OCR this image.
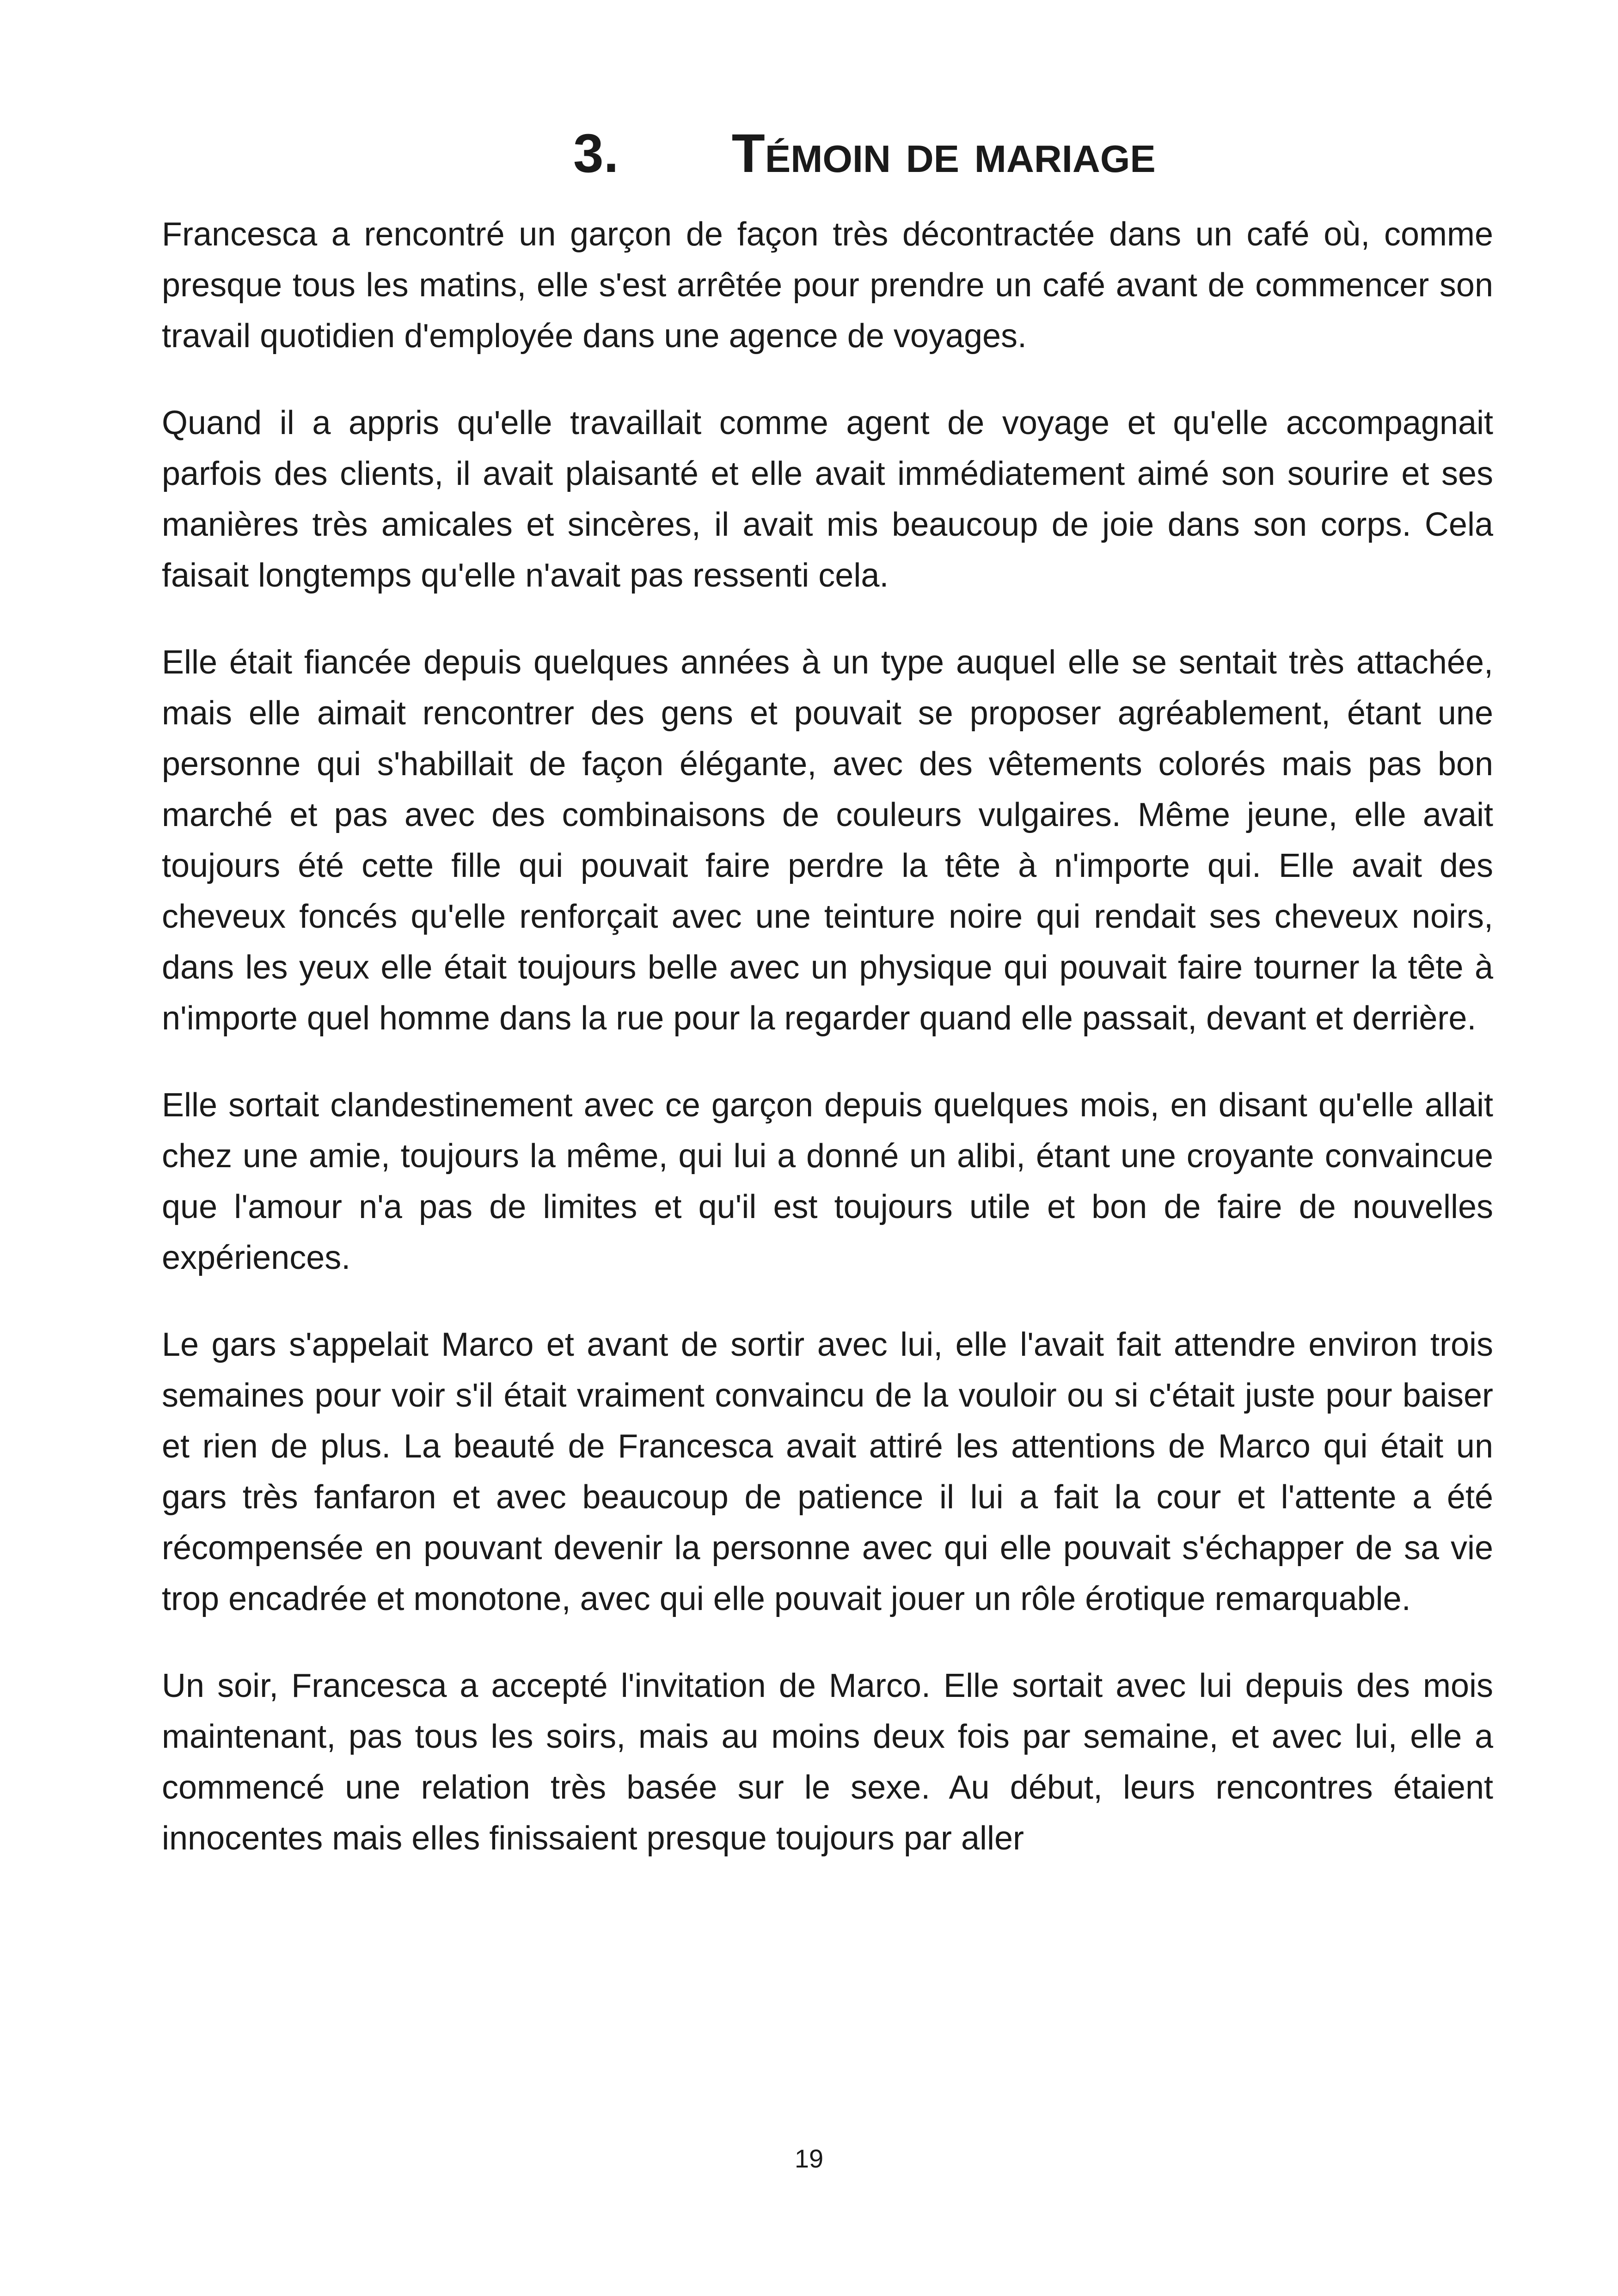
3. Témoin de mariage

Francesca a rencontré un garçon de façon très décontractée dans un café où, comme presque tous les matins, elle s'est arrêtée pour prendre un café avant de commencer son travail quotidien d'employée dans une agence de voyages.

Quand il a appris qu'elle travaillait comme agent de voyage et qu'elle accompagnait parfois des clients, il avait plaisanté et elle avait immédiatement aimé son sourire et ses manières très amicales et sincères, il avait mis beaucoup de joie dans son corps. Cela faisait longtemps qu'elle n'avait pas ressenti cela.

Elle était fiancée depuis quelques années à un type auquel elle se sentait très attachée, mais elle aimait rencontrer des gens et pouvait se proposer agréablement, étant une personne qui s'habillait de façon élégante, avec des vêtements colorés mais pas bon marché et pas avec des combinaisons de couleurs vulgaires. Même jeune, elle avait toujours été cette fille qui pouvait faire perdre la tête à n'importe qui. Elle avait des cheveux foncés qu'elle renforçait avec une teinture noire qui rendait ses cheveux noirs, dans les yeux elle était toujours belle avec un physique qui pouvait faire tourner la tête à n'importe quel homme dans la rue pour la regarder quand elle passait, devant et derrière.

Elle sortait clandestinement avec ce garçon depuis quelques mois, en disant qu'elle allait chez une amie, toujours la même, qui lui a donné un alibi, étant une croyante convaincue que l'amour n'a pas de limites et qu'il est toujours utile et bon de faire de nouvelles expériences.

Le gars s'appelait Marco et avant de sortir avec lui, elle l'avait fait attendre environ trois semaines pour voir s'il était vraiment convaincu de la vouloir ou si c'était juste pour baiser et rien de plus. La beauté de Francesca avait attiré les attentions de Marco qui était un gars très fanfaron et avec beaucoup de patience il lui a fait la cour et l'attente a été récompensée en pouvant devenir la personne avec qui elle pouvait s'échapper de sa vie trop encadrée et monotone, avec qui elle pouvait jouer un rôle érotique remarquable.

Un soir, Francesca a accepté l'invitation de Marco. Elle sortait avec lui depuis des mois maintenant, pas tous les soirs, mais au moins deux fois par semaine, et avec lui, elle a commencé une relation très basée sur le sexe. Au début, leurs rencontres étaient innocentes mais elles finissaient presque toujours par aller

19
